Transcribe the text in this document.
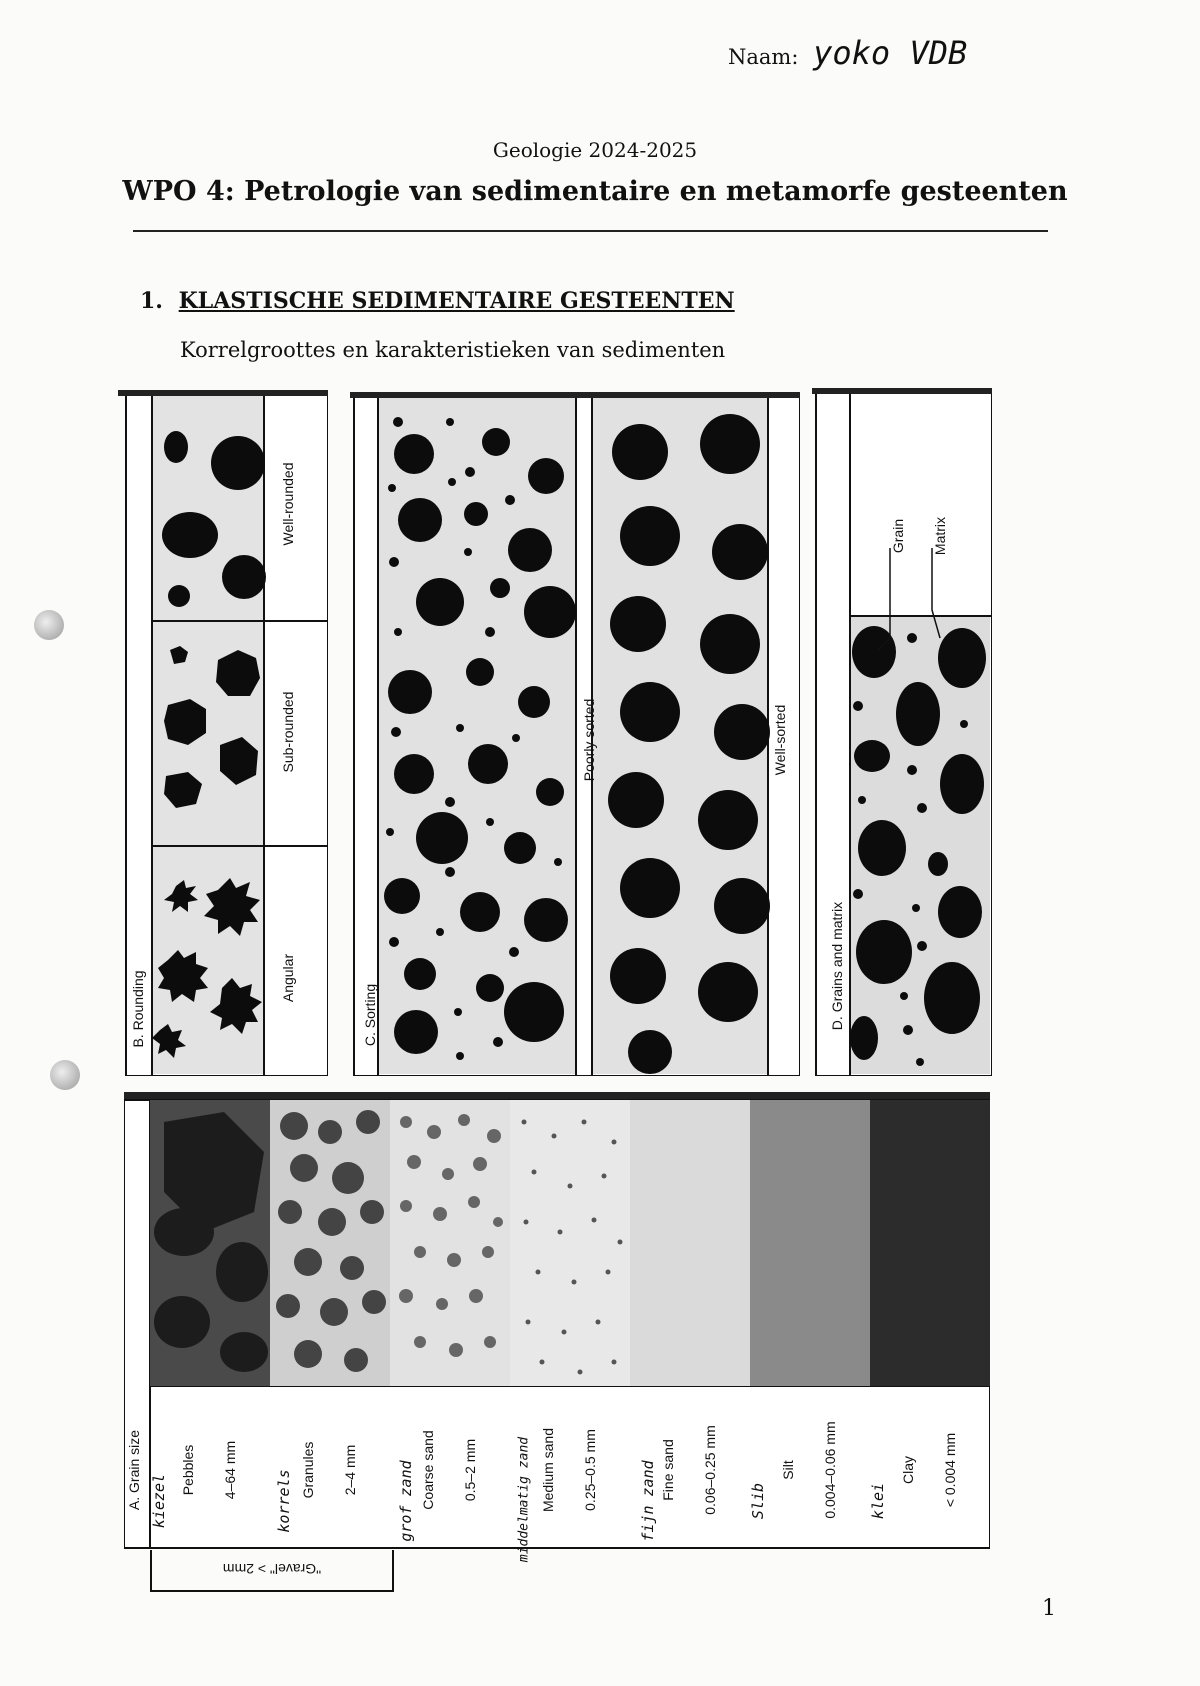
Naam: yoko VDB
Geologie 2024-2025
WPO 4: Petrologie van sedimentaire en metamorfe gesteenten
1. KLASTISCHE SEDIMENTAIRE GESTEENTEN
Korrelgroottes en karakteristieken van sedimenten
B. Rounding
Well-rounded
Sub-rounded
Angular
C. Sorting
Poorly sorted	Well-sorted
D. Grains and matrix
Grain Matrix
A. Grain size	Pebbles 4–64 mm	Granules 2–4 mm	Coarse sand 0.5–2 mm	Medium sand 0.25–0.5 mm	Fine sand 0.06–0.25 mm	Silt 0.004–0.06 mm	Clay < 0.004 mm
kiezel	korrels	grof zand	middelmatig zand	fijn zand	Slib	klei
"Gravel" > 2mm
1
